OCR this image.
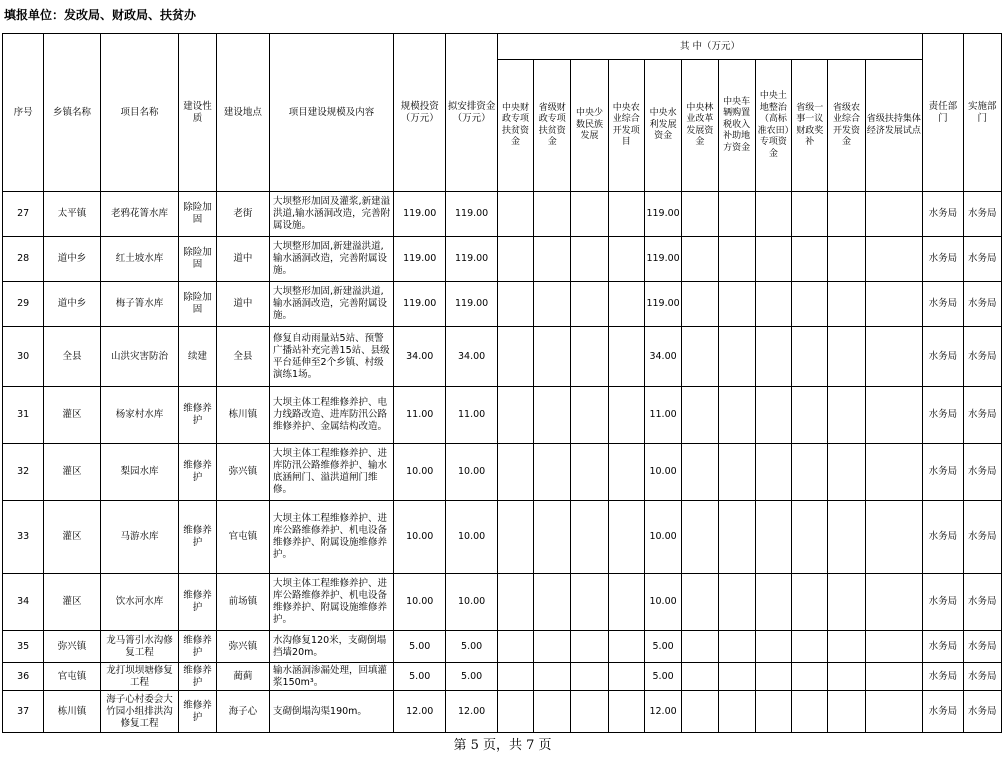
填报单位：发改局、财政局、扶贫办
序号	乡镇名称	项目名称	建设性质	建设地点	项目建设规模及内容	规模投资（万元）	拟安排资金（万元）	其 中（万元）											责任部门	实施部门
								中央财政专项扶贫资金	省级财政专项扶贫资金	中央少数民族发展	中央农业综合开发项目	中央水利发展资金	中央林业改革发展资金	中央车辆购置税收入补助地方资金	中央土地整治（高标准农田）专项资金	省级一事一议财政奖补	省级农业综合开发资金	省级扶持集体经济发展试点		
27	太平镇	老鸦花箐水库	除险加固	老街	大坝整形加固及灌浆,新建溢洪道,输水涵洞改造，完善附属设施。	119.00	119.00					119.00							水务局	水务局
28	道中乡	红土坡水库	除险加固	道中	大坝整形加固,新建溢洪道,输水涵洞改造，完善附属设施。	119.00	119.00					119.00							水务局	水务局
29	道中乡	梅子箐水库	除险加固	道中	大坝整形加固,新建溢洪道,输水涵洞改造，完善附属设施。	119.00	119.00					119.00							水务局	水务局
30	全县	山洪灾害防治	续建	全县	修复自动雨量站5站、预警广播站补充完善15站、县级平台延伸至2个乡镇、村级演练1场。	34.00	34.00					34.00							水务局	水务局
31	灌区	杨家村水库	维修养护	栋川镇	大坝主体工程维修养护、电力线路改造、进库防汛公路维修养护、金属结构改造。	11.00	11.00					11.00							水务局	水务局
32	灌区	梨园水库	维修养护	弥兴镇	大坝主体工程维修养护、进库防汛公路维修养护、输水底涵闸门、溢洪道闸门维修。	10.00	10.00					10.00							水务局	水务局
33	灌区	马游水库	维修养护	官屯镇	大坝主体工程维修养护、进库公路维修养护、机电设备维修养护、附属设施维修养护。	10.00	10.00					10.00							水务局	水务局
34	灌区	饮水河水库	维修养护	前场镇	大坝主体工程维修养护、进库公路维修养护、机电设备维修养护、附属设施维修养护。	10.00	10.00					10.00							水务局	水务局
35	弥兴镇	龙马箐引水沟修复工程	维修养护	弥兴镇	水沟修复120米，支砌倒塌挡墙20m。	5.00	5.00					5.00							水务局	水务局
36	官屯镇	龙打坝坝塘修复工程	维修养护	蔺蓟	输水涵洞渗漏处理，回填灌浆150m³。	5.00	5.00					5.00							水务局	水务局
37	栋川镇	海子心村委会大竹园小组排洪沟修复工程	维修养护	海子心	支砌倒塌沟渠190m。	12.00	12.00					12.00							水务局	水务局
第 5 页，共 7 页
